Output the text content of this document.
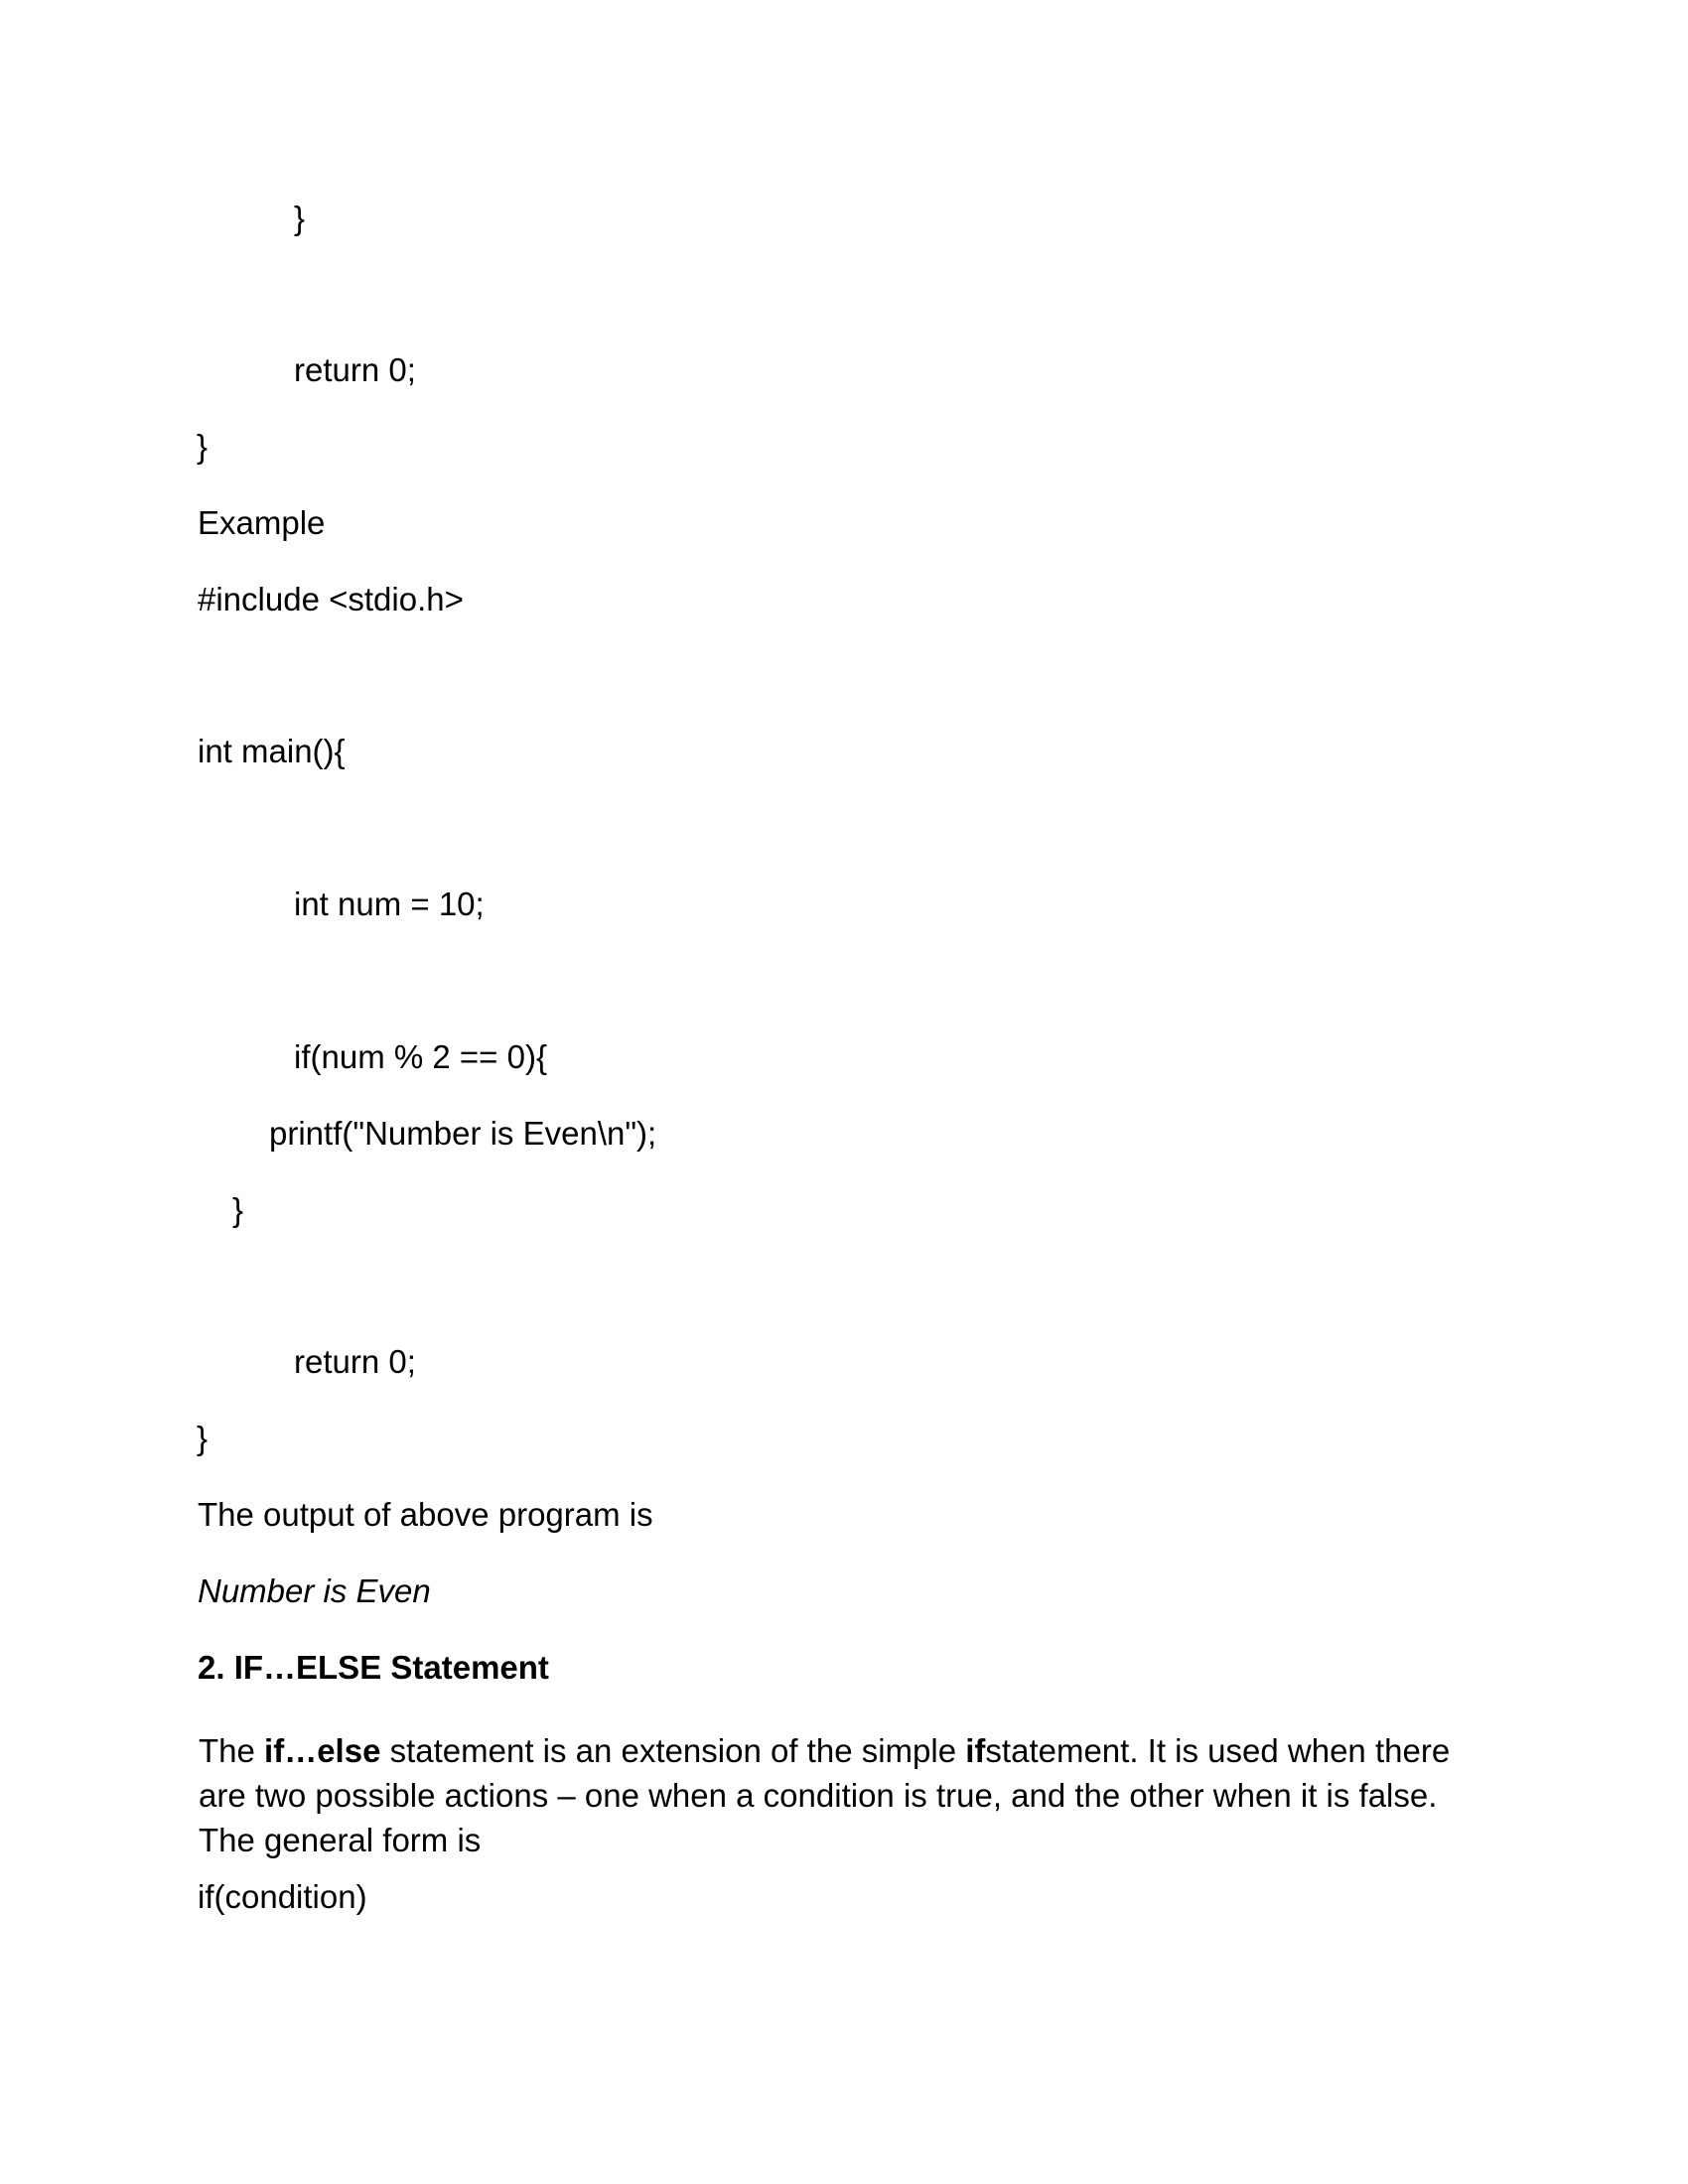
}

return 0;

}

Example

#include <stdio.h>

int main(){

int num = 10;

if(num % 2 == 0){

printf("Number is Even\n");

}

return 0;

}

The output of above program is

Number is Even

2. IF…ELSE Statement

The if…else statement is an extension of the simple ifstatement. It is used when there are two possible actions – one when a condition is true, and the other when it is false. The general form is

if(condition)
